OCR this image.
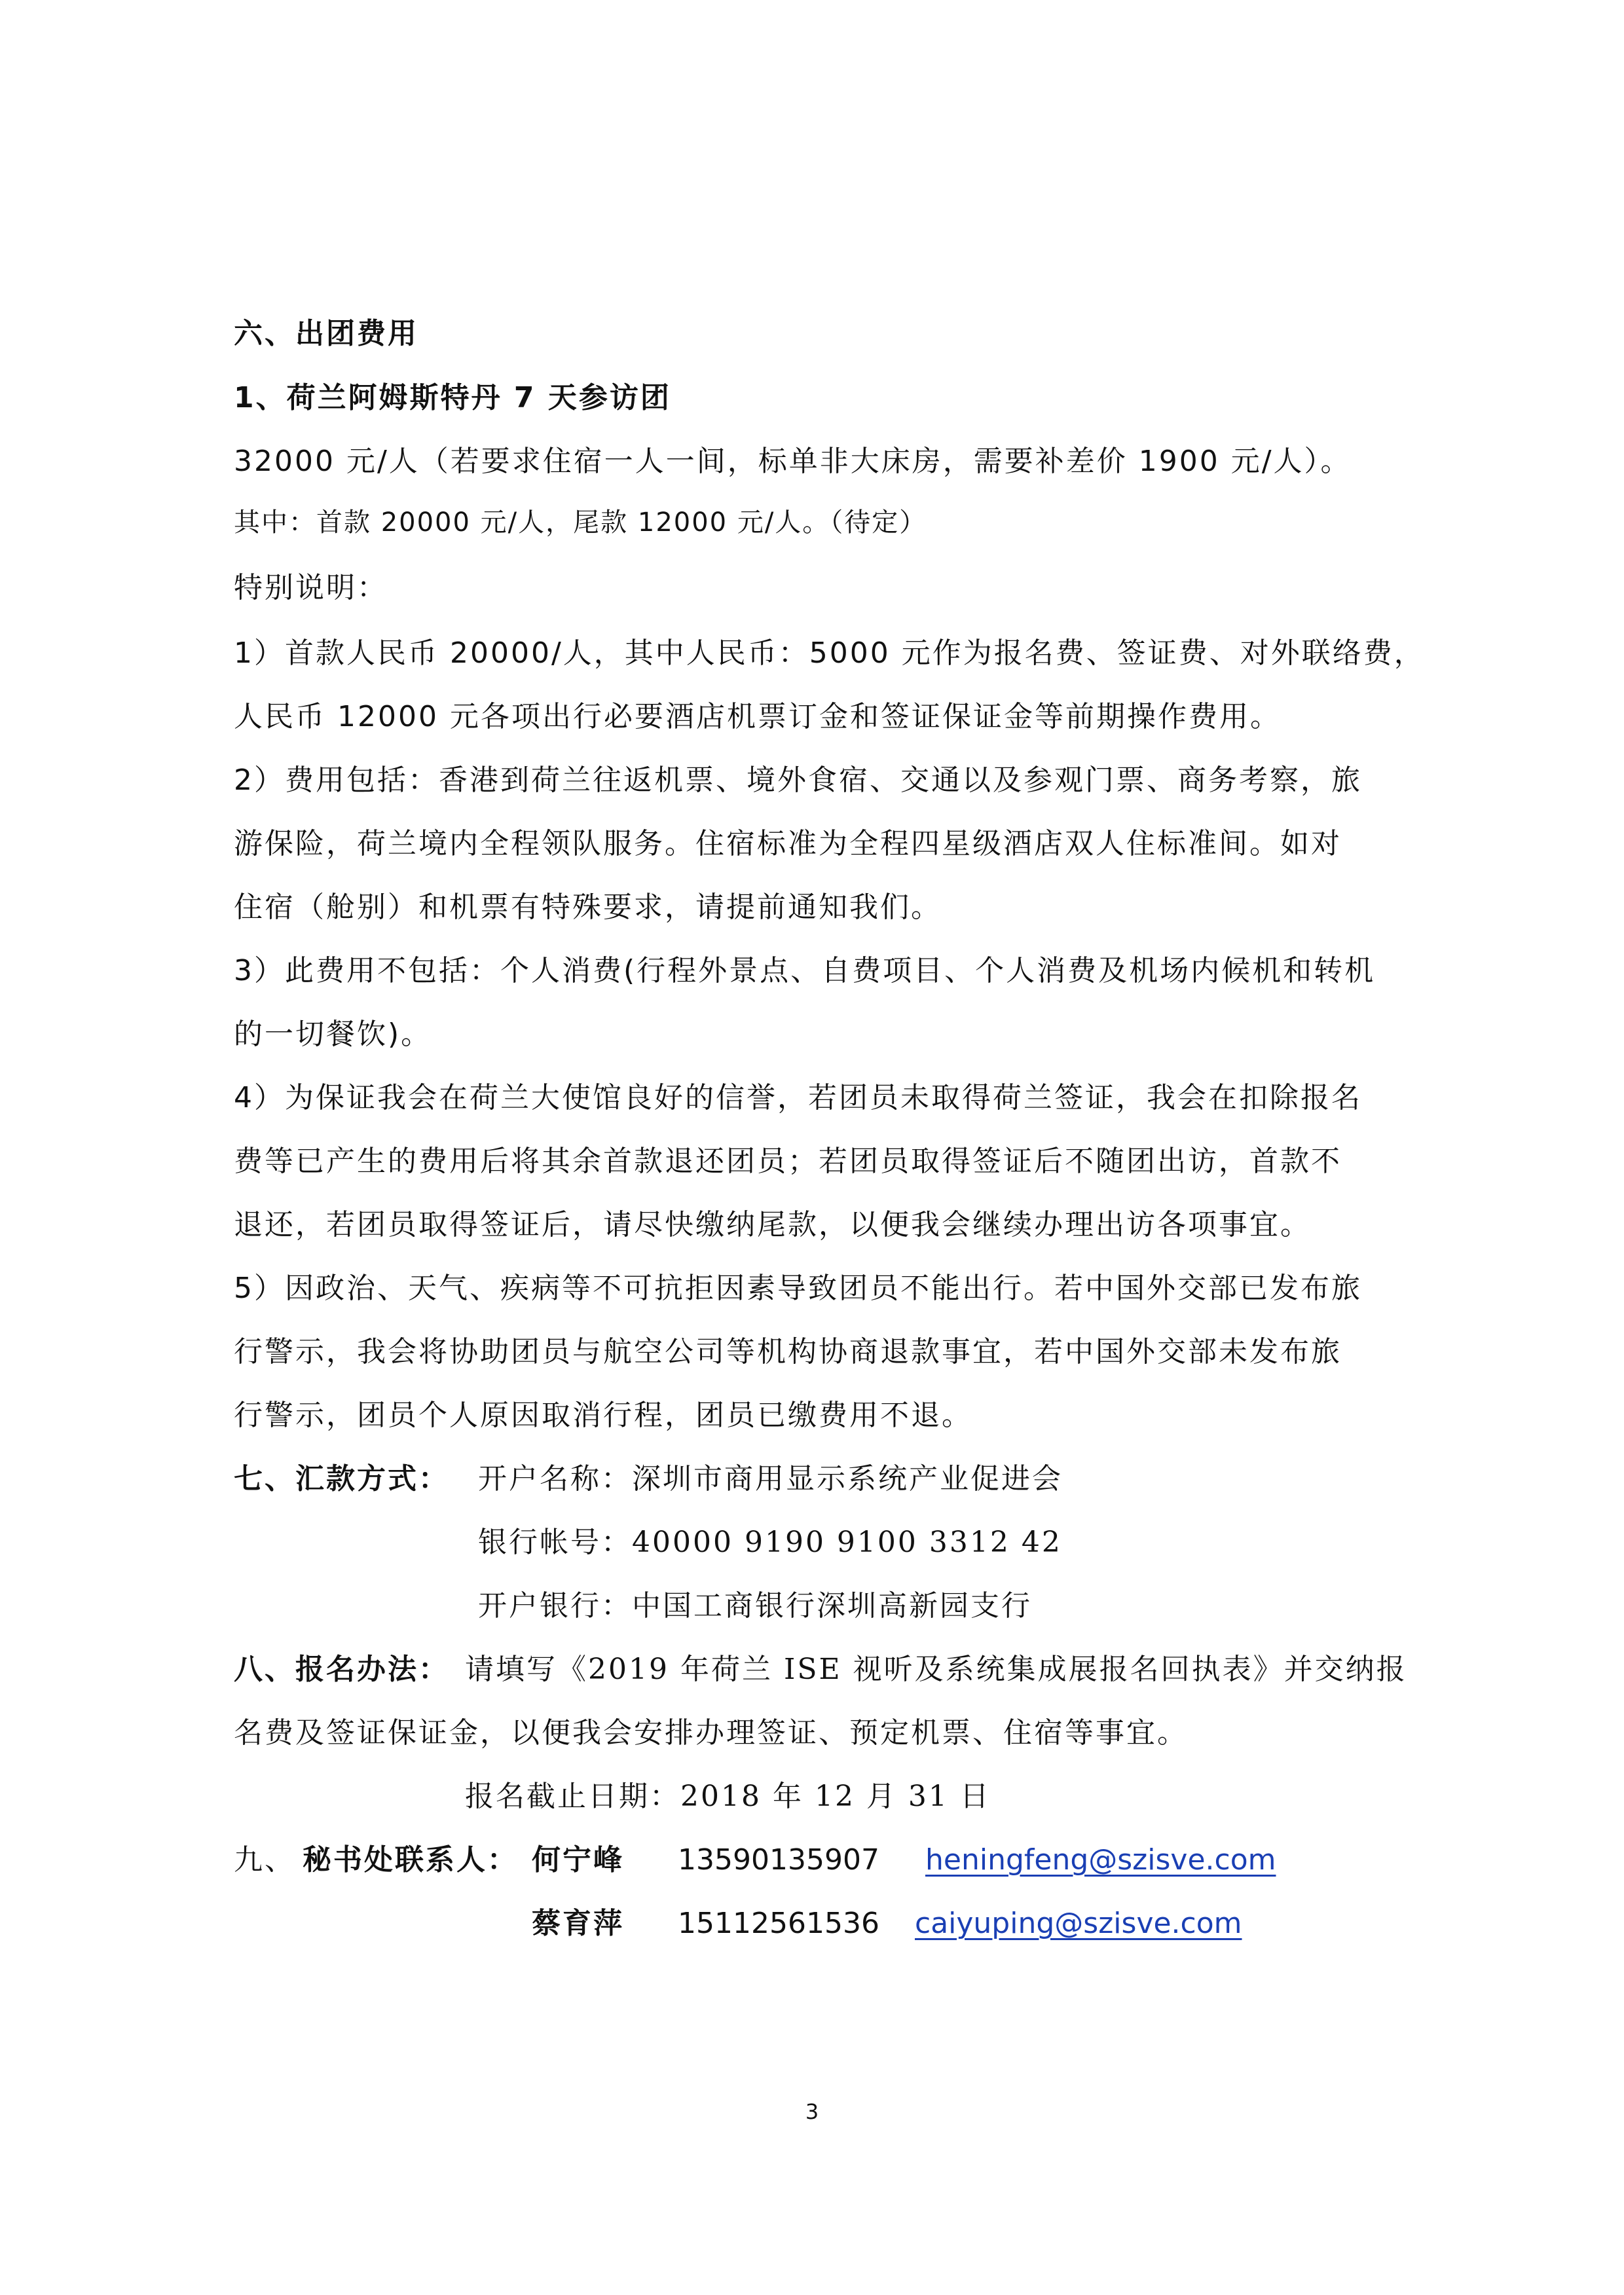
六、出团费用

1、荷兰阿姆斯特丹 7 天参访团

32000 元/人（若要求住宿一人一间，标单非大床房，需要补差价 1900 元/人）。

其中：首款 20000 元/人，尾款 12000 元/人。（待定）

特别说明：

1）首款人民币 20000/人，其中人民币：5000 元作为报名费、签证费、对外联络费，

人民币 12000 元各项出行必要酒店机票订金和签证保证金等前期操作费用。

2）费用包括：香港到荷兰往返机票、境外食宿、交通以及参观门票、商务考察，旅

游保险，荷兰境内全程领队服务。住宿标准为全程四星级酒店双人住标准间。如对

住宿（舱别）和机票有特殊要求，请提前通知我们。

3）此费用不包括：个人消费(行程外景点、自费项目、个人消费及机场内候机和转机

的一切餐饮)。

4）为保证我会在荷兰大使馆良好的信誉，若团员未取得荷兰签证，我会在扣除报名

费等已产生的费用后将其余首款退还团员；若团员取得签证后不随团出访，首款不

退还，若团员取得签证后，请尽快缴纳尾款，以便我会继续办理出访各项事宜。

5）因政治、天气、疾病等不可抗拒因素导致团员不能出行。若中国外交部已发布旅

行警示，我会将协助团员与航空公司等机构协商退款事宜，若中国外交部未发布旅

行警示，团员个人原因取消行程，团员已缴费用不退。

七、汇款方式： 开户名称：深圳市商用显示系统产业促进会

银行帐号：40000 9190 9100 3312 42

开户银行：中国工商银行深圳高新园支行

八、报名办法： 请填写《2019 年荷兰 ISE 视听及系统集成展报名回执表》并交纳报

名费及签证保证金，以便我会安排办理签证、预定机票、住宿等事宜。

报名截止日期：2018 年 12 月 31 日

九、 秘书处联系人： 何宁峰 13590135907 heningfeng@szisve.com

蔡育萍 15112561536 caiyuping@szisve.com

3
